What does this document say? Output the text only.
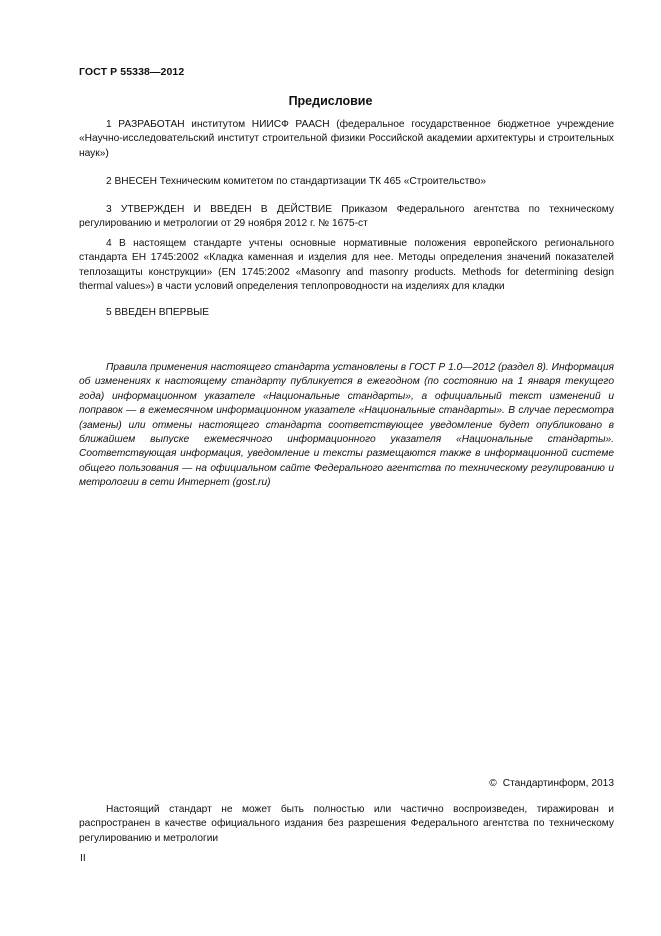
ГОСТ Р 55338—2012
Предисловие

1 РАЗРАБОТАН институтом НИИСФ РААСН (федеральное государственное бюджетное учреждение «Научно-исследовательский институт строительной физики Российской академии архитектуры и строительных наук»)

2 ВНЕСЕН Техническим комитетом по стандартизации ТК 465 «Строительство»

3 УТВЕРЖДЕН И ВВЕДЕН В ДЕЙСТВИЕ Приказом Федерального агентства по техническому регулированию и метрологии от 29 ноября 2012 г. № 1675-ст

4 В настоящем стандарте учтены основные нормативные положения европейского регионального стандарта ЕН 1745:2002 «Кладка каменная и изделия для нее. Методы определения значений показателей теплозащиты конструкции» (EN 1745:2002 «Masonry and masonry products. Methods for determining design thermal values») в части условий определения теплопроводности на изделиях для кладки

5 ВВЕДЕН ВПЕРВЫЕ

Правила применения настоящего стандарта установлены в ГОСТ Р 1.0—2012 (раздел 8). Информация об изменениях к настоящему стандарту публикуется в ежегодном (по состоянию на 1 января текущего года) информационном указателе «Национальные стандарты», а официальный текст изменений и поправок — в ежемесячном информационном указателе «Национальные стандарты». В случае пересмотра (замены) или отмены настоящего стандарта соответствующее уведомление будет опубликовано в ближайшем выпуске ежемесячного информационного указателя «Национальные стандарты». Соответствующая информация, уведомление и тексты размещаются также в информационной системе общего пользования — на официальном сайте Федерального агентства по техническому регулированию и метрологии в сети Интернет (gost.ru)

© Стандартинформ, 2013

Настоящий стандарт не может быть полностью или частично воспроизведен, тиражирован и распространен в качестве официального издания без разрешения Федерального агентства по техническому регулированию и метрологии

II
